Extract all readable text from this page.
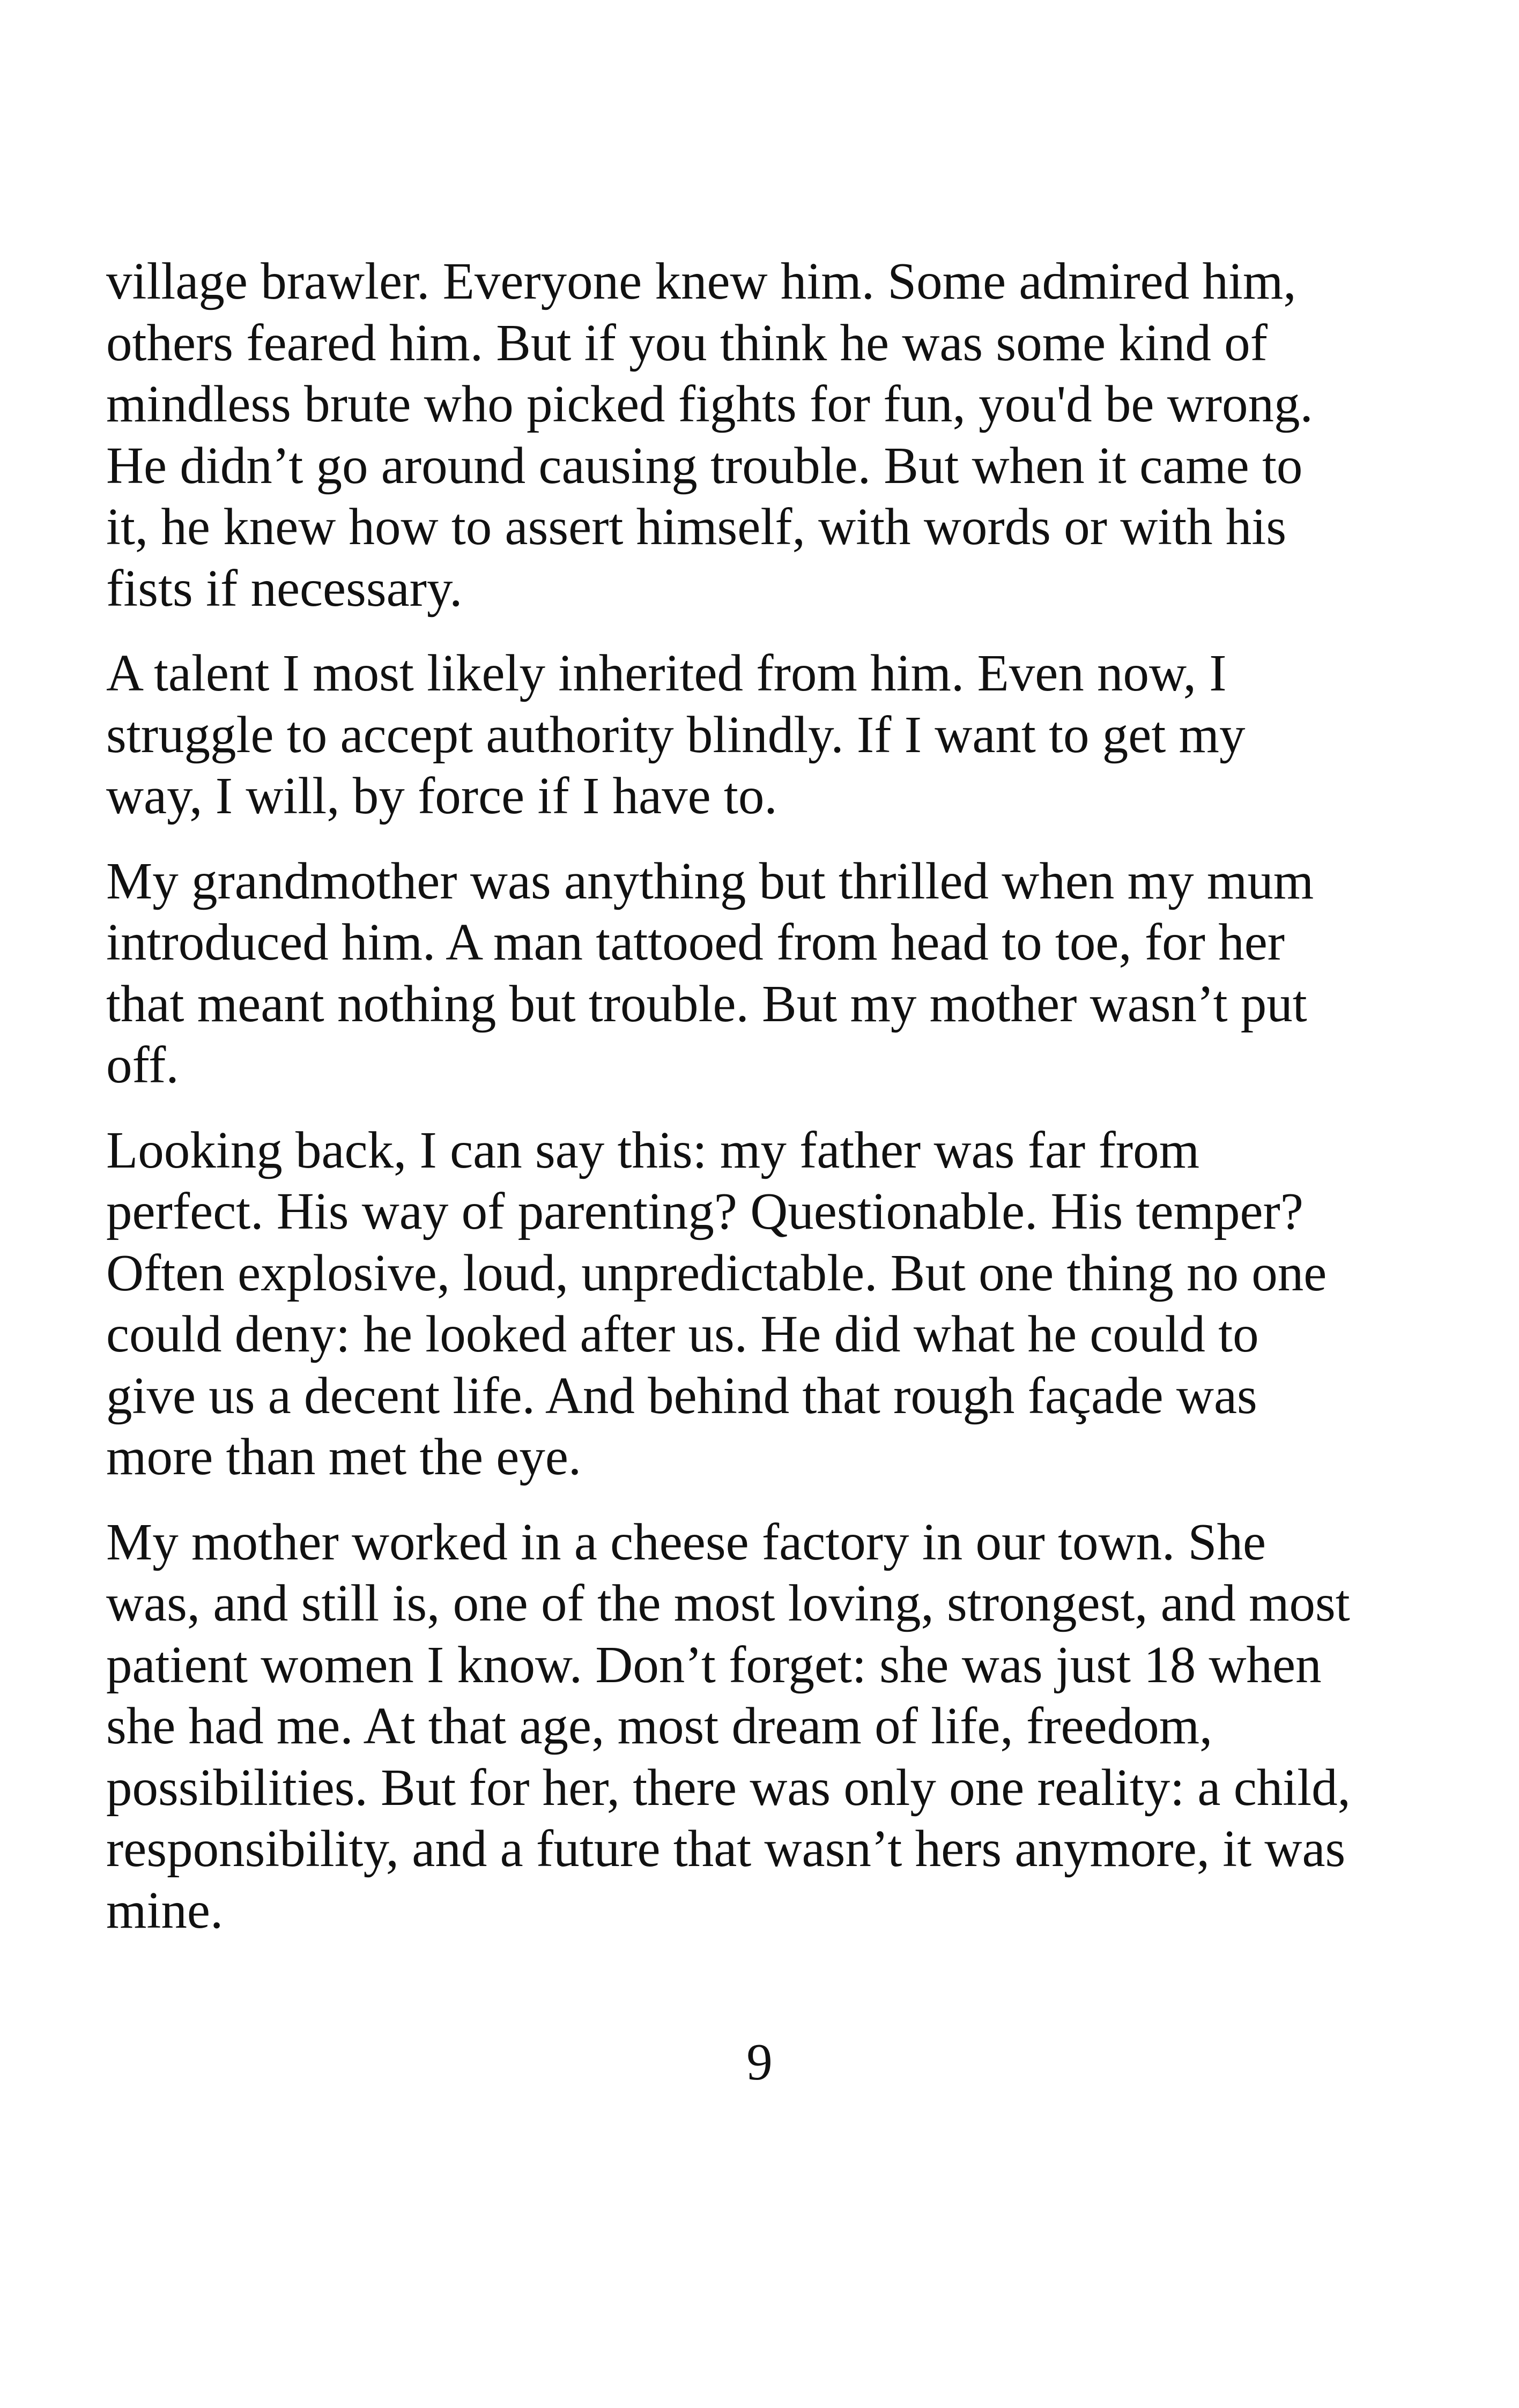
village brawler. Everyone knew him. Some admired him,
others feared him. But if you think he was some kind of
mindless brute who picked fights for fun, you'd be wrong.
He didn’t go around causing trouble. But when it came to
it, he knew how to assert himself, with words or with his
fists if necessary.

A talent I most likely inherited from him. Even now, I
struggle to accept authority blindly. If I want to get my
way, I will, by force if I have to.

My grandmother was anything but thrilled when my mum
introduced him. A man tattooed from head to toe, for her
that meant nothing but trouble. But my mother wasn’t put
off.

Looking back, I can say this: my father was far from
perfect. His way of parenting? Questionable. His temper?
Often explosive, loud, unpredictable. But one thing no one
could deny: he looked after us. He did what he could to
give us a decent life. And behind that rough façade was
more than met the eye.

My mother worked in a cheese factory in our town. She
was, and still is, one of the most loving, strongest, and most
patient women I know. Don’t forget: she was just 18 when
she had me. At that age, most dream of life, freedom,
possibilities. But for her, there was only one reality: a child,
responsibility, and a future that wasn’t hers anymore, it was
mine.

9
